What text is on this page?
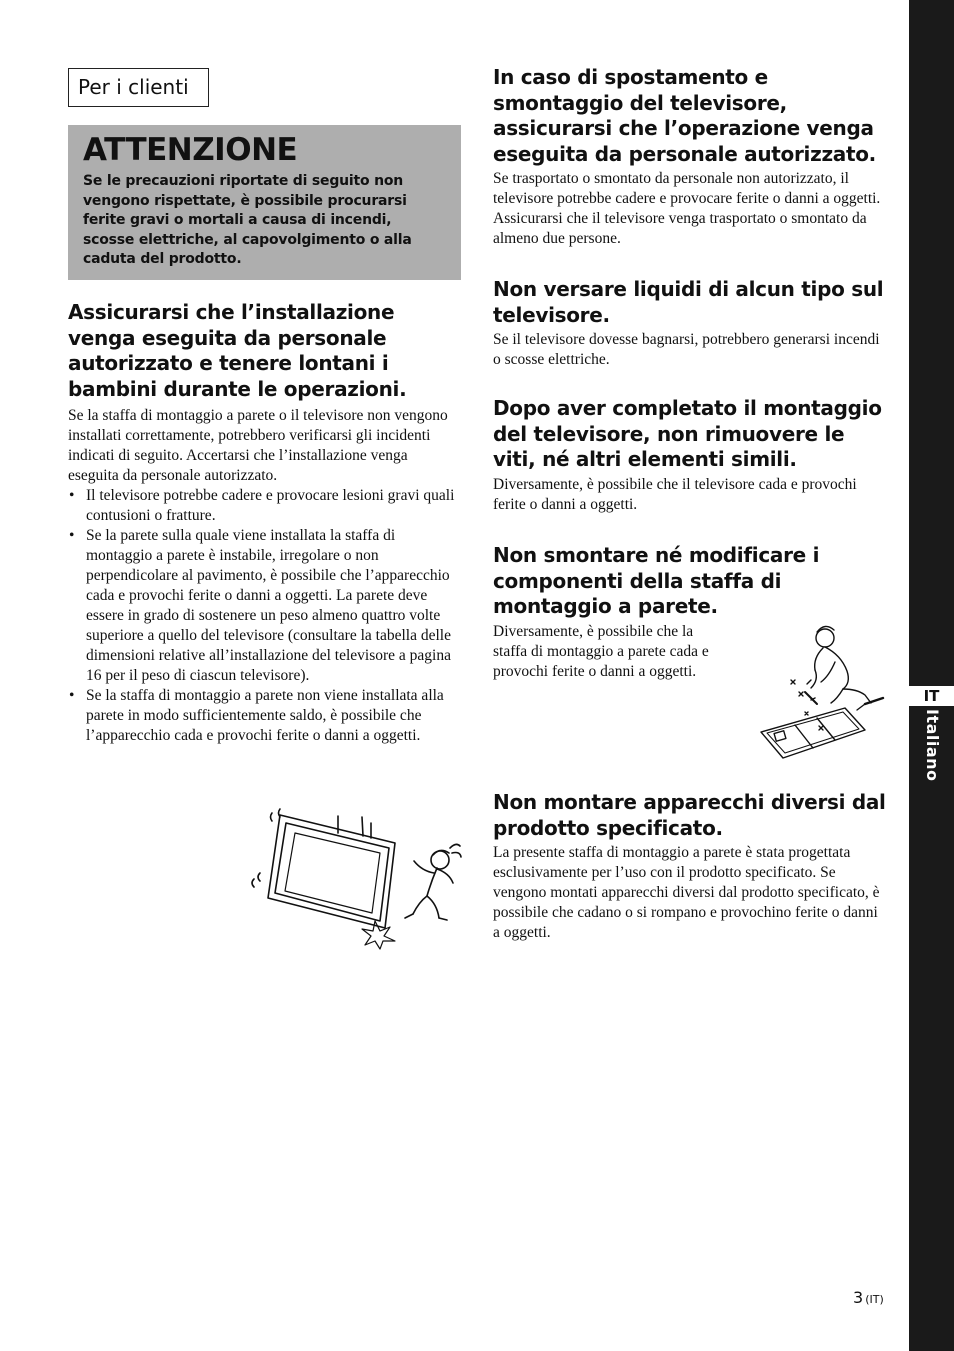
Per i clienti
ATTENZIONE

Se le precauzioni riportate di seguito non vengono rispettate, è possibile procurarsi ferite gravi o mortali a causa di incendi, scosse elettriche, al capovolgimento o alla caduta del prodotto.

Assicurarsi che l’installazione venga eseguita da personale autorizzato e tenere lontani i bambini durante le operazioni.

Se la staffa di montaggio a parete o il televisore non vengono installati correttamente, potrebbero verificarsi gli incidenti indicati di seguito. Accertarsi che l’installazione venga eseguita da personale autorizzato.

• Il televisore potrebbe cadere e provocare lesioni gravi quali contusioni o fratture.
• Se la parete sulla quale viene installata la staffa di montaggio a parete è instabile, irregolare o non perpendicolare al pavimento, è possibile che l’apparecchio cada e provochi ferite o danni a oggetti. La parete deve essere in grado di sostenere un peso almeno quattro volte superiore a quello del televisore (consultare la tabella delle dimensioni relative all’installazione del televisore a pagina 16 per il peso di ciascun televisore).
• Se la staffa di montaggio a parete non viene installata alla parete in modo sufficientemente saldo, è possibile che l’apparecchio cada e provochi ferite o danni a oggetti.
In caso di spostamento e smontaggio del televisore, assicurarsi che l’operazione venga eseguita da personale autorizzato.

Se trasportato o smontato da personale non autorizzato, il televisore potrebbe cadere e provocare ferite o danni a oggetti. Assicurarsi che il televisore venga trasportato o smontato da almeno due persone.

Non versare liquidi di alcun tipo sul televisore.

Se il televisore dovesse bagnarsi, potrebbero generarsi incendi o scosse elettriche.

Dopo aver completato il montaggio del televisore, non rimuovere le viti, né altri elementi simili.

Diversamente, è possibile che il televisore cada e provochi ferite o danni a oggetti.

Non smontare né modificare i componenti della staffa di montaggio a parete.

Diversamente, è possibile che la staffa di montaggio a parete cada e provochi ferite o danni a oggetti.

Non montare apparecchi diversi dal prodotto specificato.

La presente staffa di montaggio a parete è stata progettata esclusivamente per l’uso con il prodotto specificato. Se vengono montati apparecchi diversi dal prodotto specificato, è possibile che cadano o si rompano e provochino ferite o danni a oggetti.

IT
Italiano
3 (IT)
